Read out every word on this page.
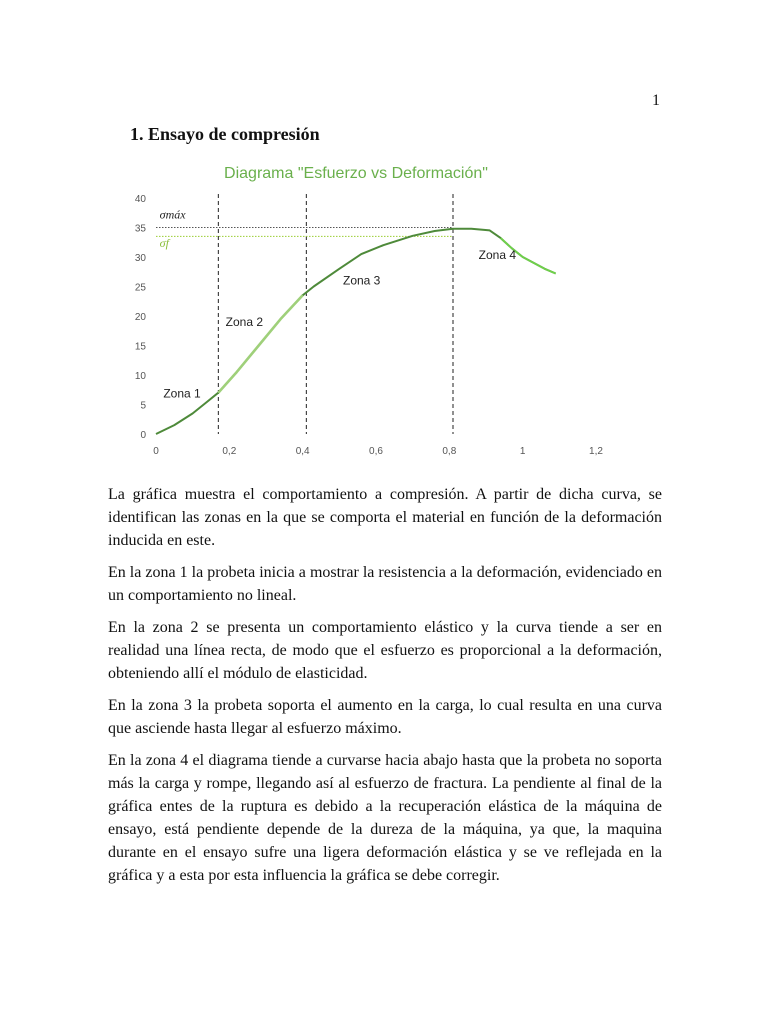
1
1. Ensayo de compresión
Diagrama "Esfuerzo vs Deformación"
0
5
10
15
20
25
30
35
40
0	0,2	0,4	0,6	0,8	1	1,2
σmáx
σf
Zona 1
Zona 2
Zona 3
Zona 4

La gráfica muestra el comportamiento a compresión. A partir de dicha curva, se identifican las zonas en la que se comporta el material en función de la deformación inducida en este.

En la zona 1 la probeta inicia a mostrar la resistencia a la deformación, evidenciado en un comportamiento no lineal.

En la zona 2 se presenta un comportamiento elástico y la curva tiende a ser en realidad una línea recta, de modo que el esfuerzo es proporcional a la deformación, obteniendo allí el módulo de elasticidad.

En la zona 3 la probeta soporta el aumento en la carga, lo cual resulta en una curva que asciende hasta llegar al esfuerzo máximo.

En la zona 4 el diagrama tiende a curvarse hacia abajo hasta que la probeta no soporta más la carga y rompe, llegando así al esfuerzo de fractura. La pendiente al final de la gráfica entes de la ruptura es debido a la recuperación elástica de la máquina de ensayo, está pendiente depende de la dureza de la máquina, ya que, la maquina durante en el ensayo sufre una ligera deformación elástica y se ve reflejada en la gráfica y a esta por esta influencia la gráfica se debe corregir.
